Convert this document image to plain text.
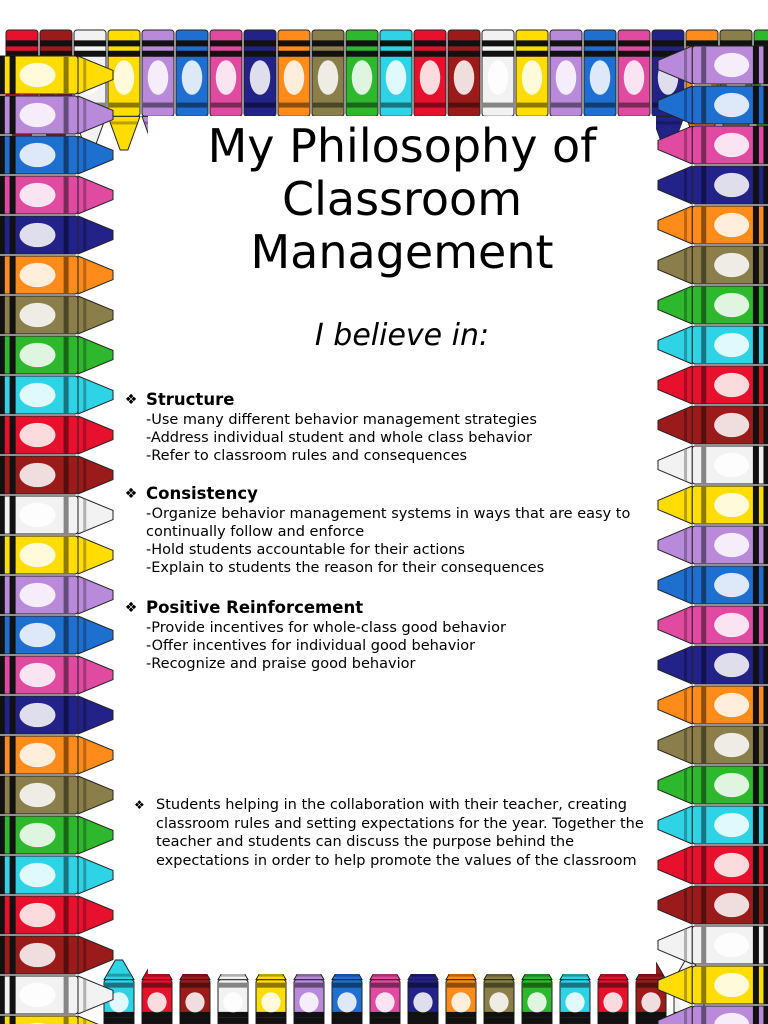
My Philosophy of
Classroom
Management
I believe in:
❖ Structure
-Use many different behavior management strategies
-Address individual student and whole class behavior
-Refer to classroom rules and consequences
❖ Consistency
-Organize behavior management systems in ways that are easy to continually follow and enforce
-Hold students accountable for their actions
-Explain to students the reason for their consequences
❖ Positive Reinforcement
-Provide incentives for whole-class good behavior
-Offer incentives for individual good behavior
-Recognize and praise good behavior
❖ Students helping in the collaboration with their teacher, creating classroom rules and setting expectations for the year. Together the teacher and students can discuss the purpose behind the expectations in order to help promote the values of the classroom
